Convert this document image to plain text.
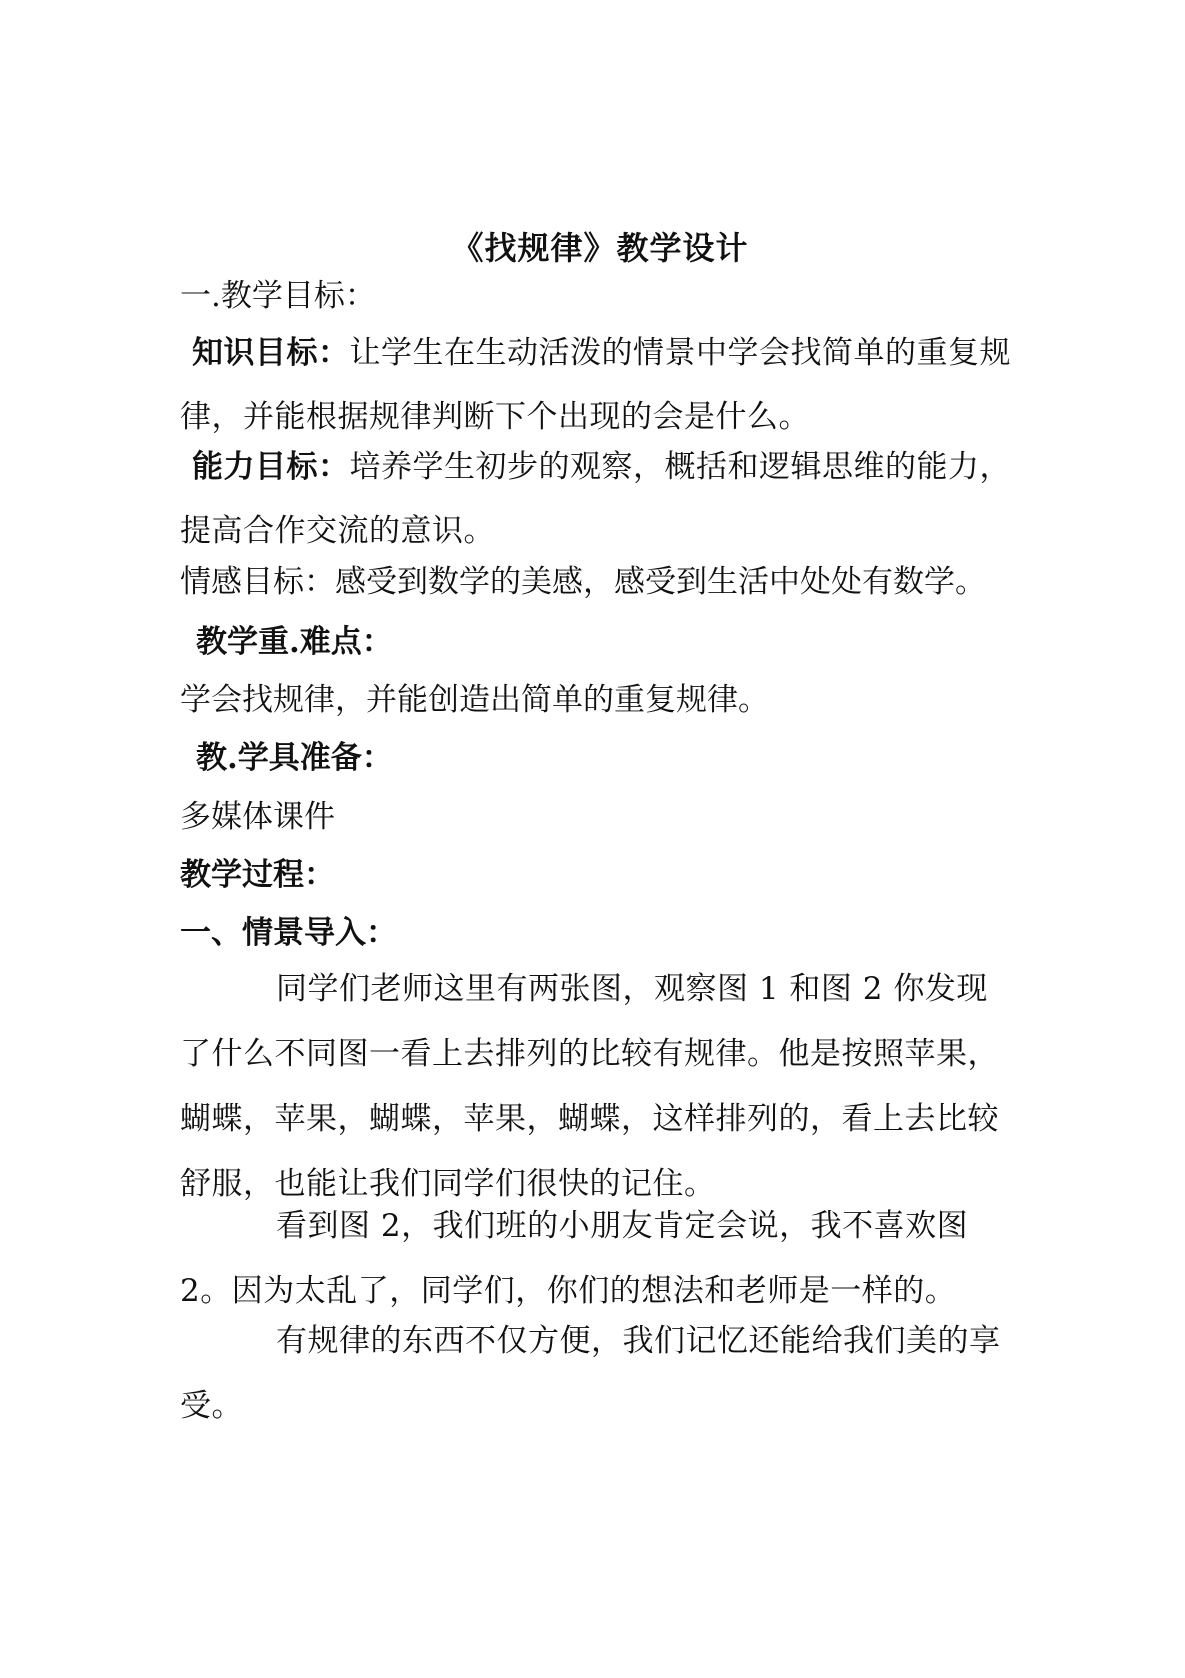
《找规律》教学设计
一.教学目标：
知识目标：让学生在生动活泼的情景中学会找简单的重复规律，并能根据规律判断下个出现的会是什么。
能力目标：培养学生初步的观察，概括和逻辑思维的能力，提高合作交流的意识。
情感目标：感受到数学的美感，感受到生活中处处有数学。
教学重.难点：
学会找规律，并能创造出简单的重复规律。
教.学具准备：
多媒体课件
教学过程：
一、情景导入：
同学们老师这里有两张图，观察图 1 和图 2 你发现了什么不同图一看上去排列的比较有规律。他是按照苹果，蝴蝶，苹果，蝴蝶，苹果，蝴蝶，这样排列的，看上去比较舒服，也能让我们同学们很快的记住。
看到图 2，我们班的小朋友肯定会说，我不喜欢图2。因为太乱了，同学们，你们的想法和老师是一样的。
有规律的东西不仅方便，我们记忆还能给我们美的享受。
